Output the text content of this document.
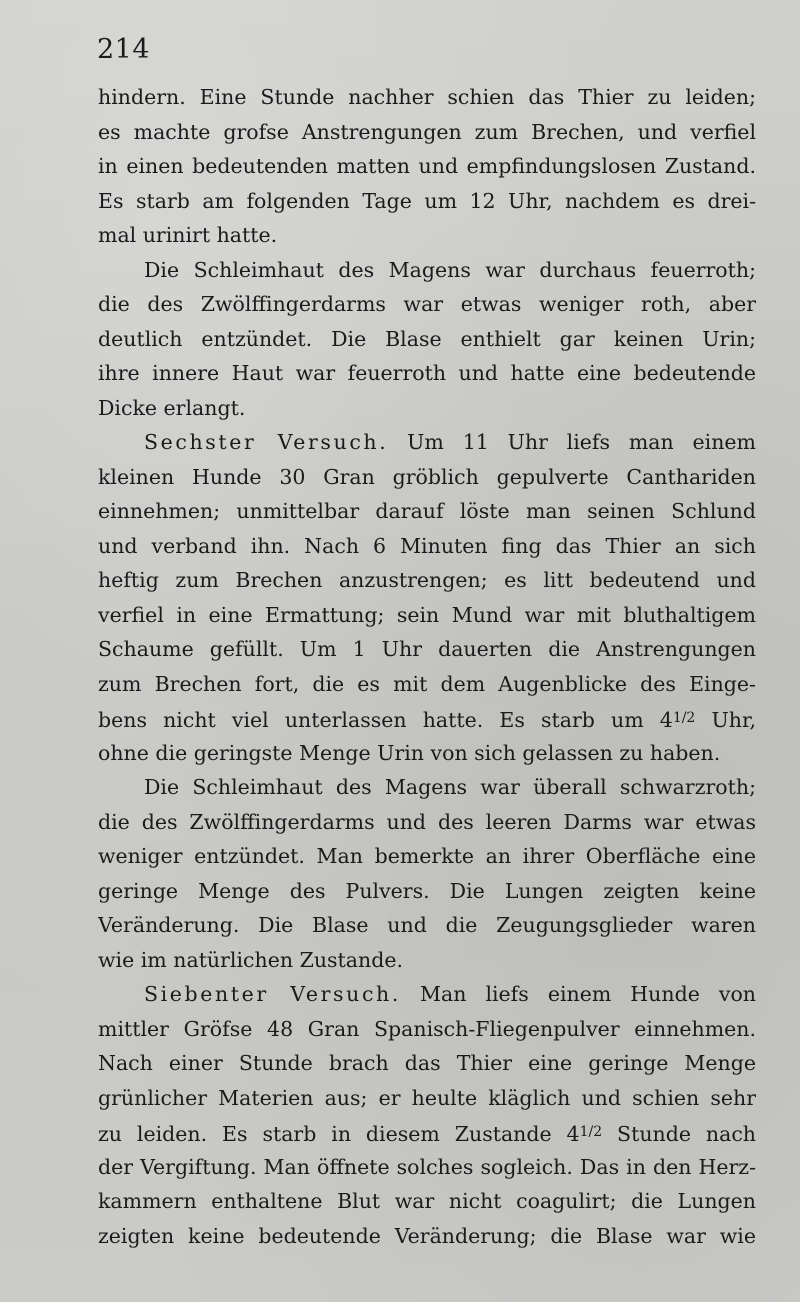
214
hindern. Eine Stunde nachher schien das Thier zu leiden;
es machte grofse Anstrengungen zum Brechen, und verfiel
in einen bedeutenden matten und empfindungslosen Zustand.
Es starb am folgenden Tage um 12 Uhr, nachdem es drei-
mal urinirt hatte.
Die Schleimhaut des Magens war durchaus feuerroth;
die des Zwölffingerdarms war etwas weniger roth, aber
deutlich entzündet. Die Blase enthielt gar keinen Urin;
ihre innere Haut war feuerroth und hatte eine bedeutende
Dicke erlangt.
Sechster Versuch. Um 11 Uhr liefs man einem
kleinen Hunde 30 Gran gröblich gepulverte Canthariden
einnehmen; unmittelbar darauf löste man seinen Schlund
und verband ihn. Nach 6 Minuten fing das Thier an sich
heftig zum Brechen anzustrengen; es litt bedeutend und
verfiel in eine Ermattung; sein Mund war mit bluthaltigem
Schaume gefüllt. Um 1 Uhr dauerten die Anstrengungen
zum Brechen fort, die es mit dem Augenblicke des Einge-
bens nicht viel unterlassen hatte. Es starb um $4^{1/2}$ Uhr,
ohne die geringste Menge Urin von sich gelassen zu haben.
Die Schleimhaut des Magens war überall schwarzroth;
die des Zwölffingerdarms und des leeren Darms war etwas
weniger entzündet. Man bemerkte an ihrer Oberfläche eine
geringe Menge des Pulvers. Die Lungen zeigten keine
Veränderung. Die Blase und die Zeugungsglieder waren
wie im natürlichen Zustande.
Siebenter Versuch. Man liefs einem Hunde von
mittler Gröfse 48 Gran Spanisch-Fliegenpulver einnehmen.
Nach einer Stunde brach das Thier eine geringe Menge
grünlicher Materien aus; er heulte kläglich und schien sehr
zu leiden. Es starb in diesem Zustande $4^{1/2}$ Stunde nach
der Vergiftung. Man öffnete solches sogleich. Das in den Herz-
kammern enthaltene Blut war nicht coagulirt; die Lungen
zeigten keine bedeutende Veränderung; die Blase war wie
